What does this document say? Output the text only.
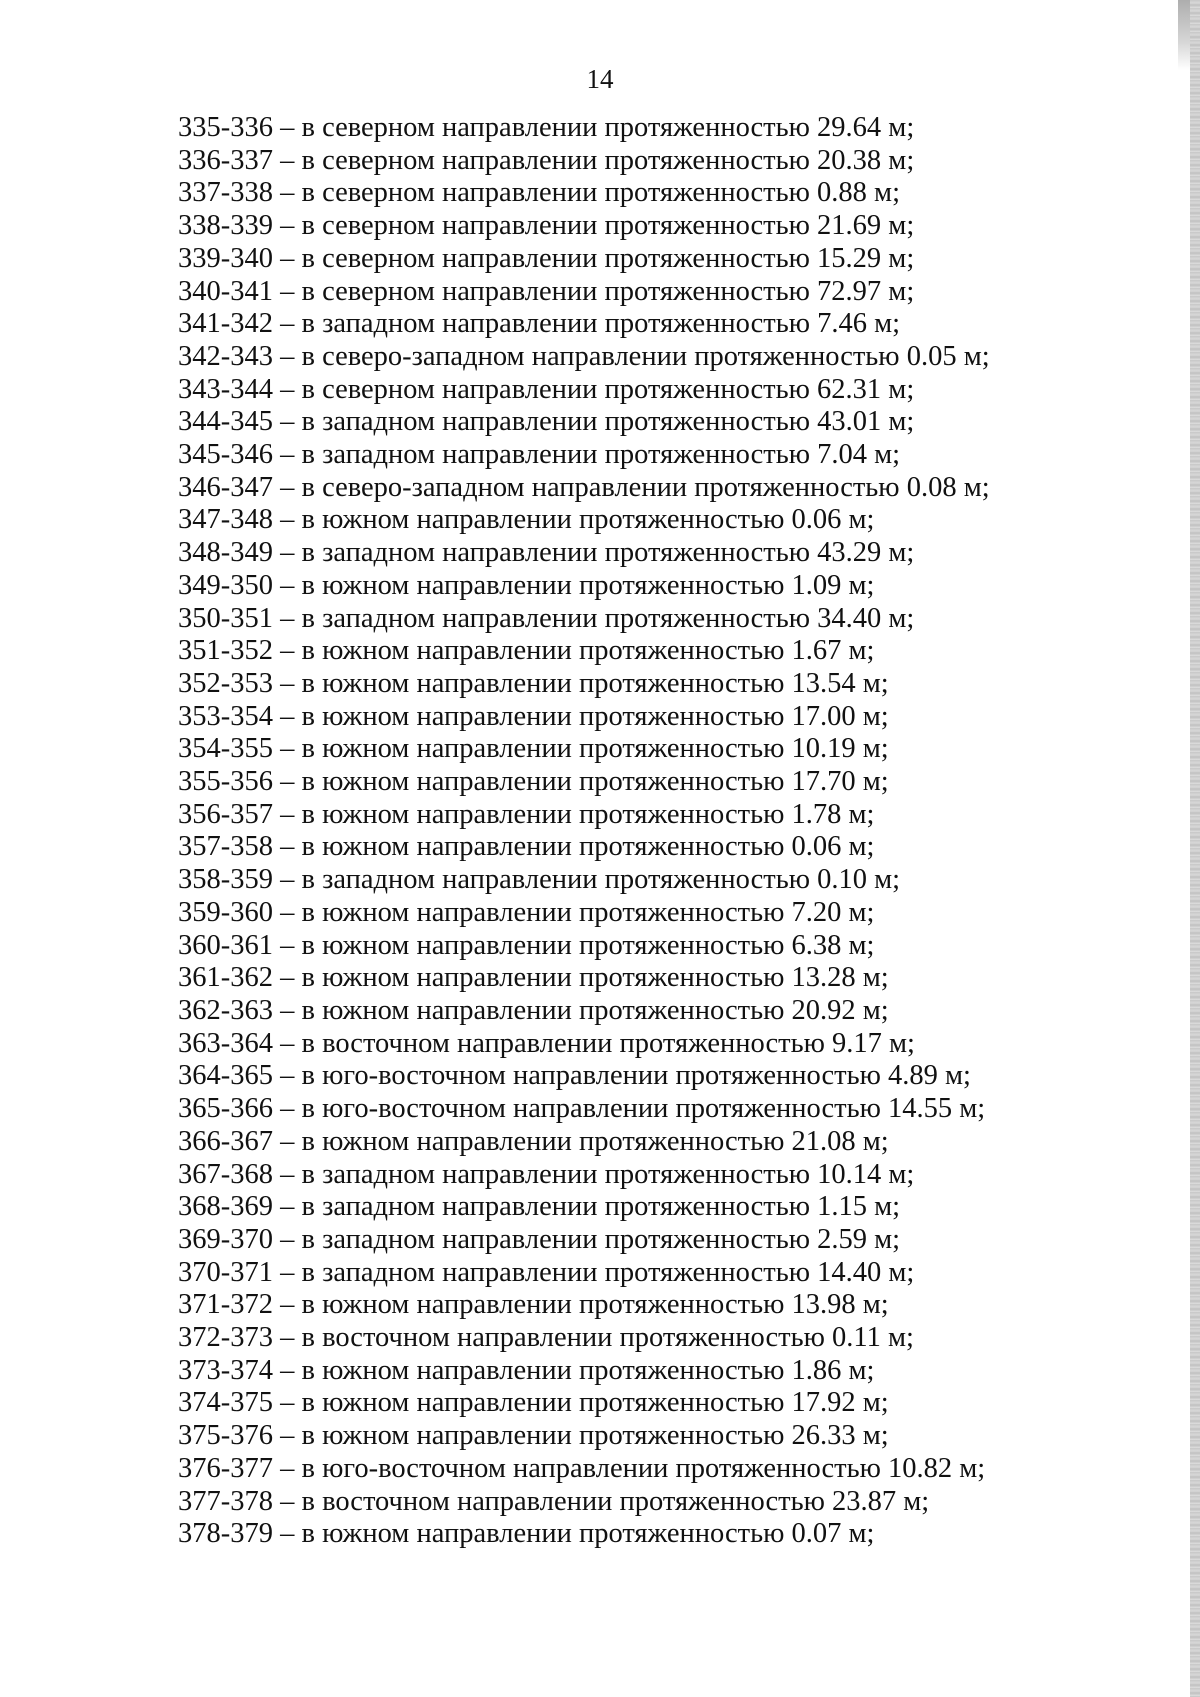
14
335-336 – в северном направлении протяженностью 29.64 м;
336-337 – в северном направлении протяженностью 20.38 м;
337-338 – в северном направлении протяженностью 0.88 м;
338-339 – в северном направлении протяженностью 21.69 м;
339-340 – в северном направлении протяженностью 15.29 м;
340-341 – в северном направлении протяженностью 72.97 м;
341-342 – в западном направлении протяженностью 7.46 м;
342-343 – в северо-западном направлении протяженностью 0.05 м;
343-344 – в северном направлении протяженностью 62.31 м;
344-345 – в западном направлении протяженностью 43.01 м;
345-346 – в западном направлении протяженностью 7.04 м;
346-347 – в северо-западном направлении протяженностью 0.08 м;
347-348 – в южном направлении протяженностью 0.06 м;
348-349 – в западном направлении протяженностью 43.29 м;
349-350 – в южном направлении протяженностью 1.09 м;
350-351 – в западном направлении протяженностью 34.40 м;
351-352 – в южном направлении протяженностью 1.67 м;
352-353 – в южном направлении протяженностью 13.54 м;
353-354 – в южном направлении протяженностью 17.00 м;
354-355 – в южном направлении протяженностью 10.19 м;
355-356 – в южном направлении протяженностью 17.70 м;
356-357 – в южном направлении протяженностью 1.78 м;
357-358 – в южном направлении протяженностью 0.06 м;
358-359 – в западном направлении протяженностью 0.10 м;
359-360 – в южном направлении протяженностью 7.20 м;
360-361 – в южном направлении протяженностью 6.38 м;
361-362 – в южном направлении протяженностью 13.28 м;
362-363 – в южном направлении протяженностью 20.92 м;
363-364 – в восточном направлении протяженностью 9.17 м;
364-365 – в юго-восточном направлении протяженностью 4.89 м;
365-366 – в юго-восточном направлении протяженностью 14.55 м;
366-367 – в южном направлении протяженностью 21.08 м;
367-368 – в западном направлении протяженностью 10.14 м;
368-369 – в западном направлении протяженностью 1.15 м;
369-370 – в западном направлении протяженностью 2.59 м;
370-371 – в западном направлении протяженностью 14.40 м;
371-372 – в южном направлении протяженностью 13.98 м;
372-373 – в восточном направлении протяженностью 0.11 м;
373-374 – в южном направлении протяженностью 1.86 м;
374-375 – в южном направлении протяженностью 17.92 м;
375-376 – в южном направлении протяженностью 26.33 м;
376-377 – в юго-восточном направлении протяженностью 10.82 м;
377-378 – в восточном направлении протяженностью 23.87 м;
378-379 – в южном направлении протяженностью 0.07 м;
